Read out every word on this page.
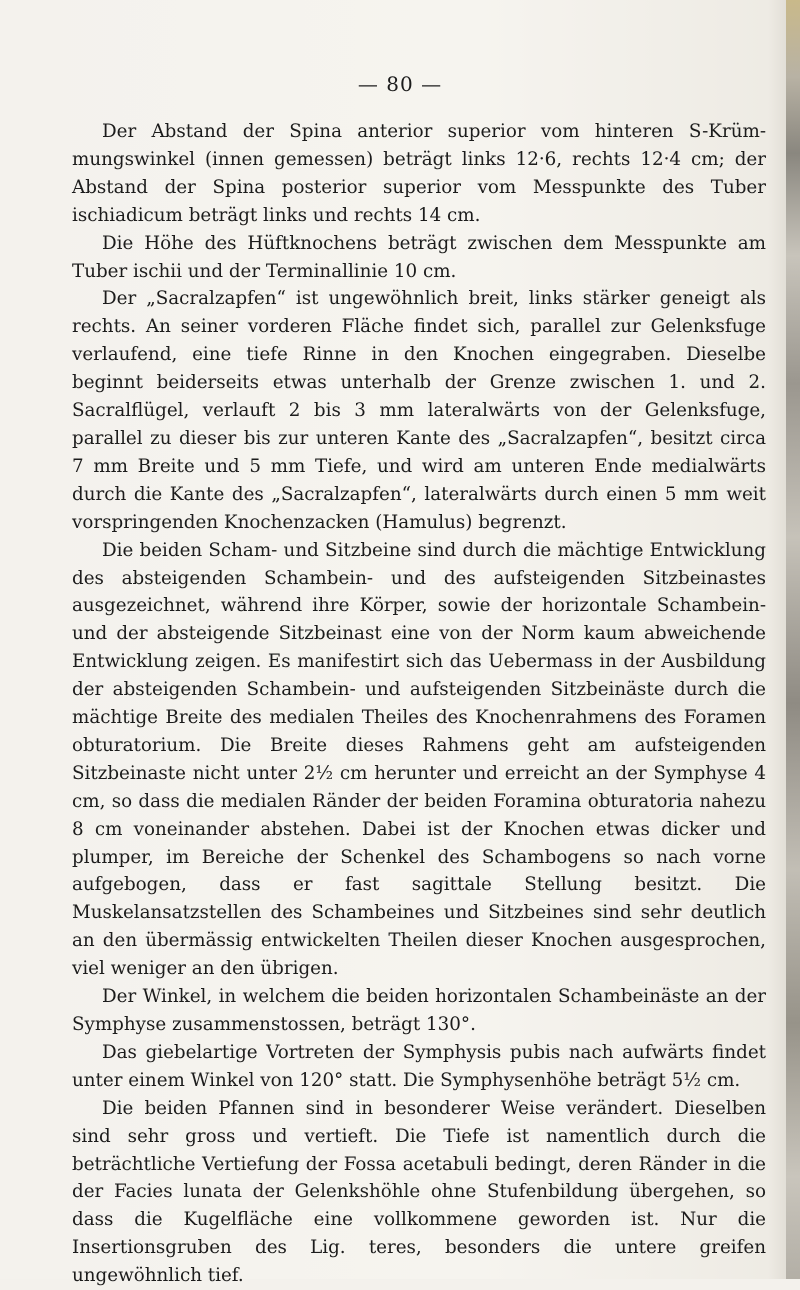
— 80 —

Der Abstand der Spina anterior superior vom hinteren S-Krümmungswinkel (innen gemessen) beträgt links 12·6, rechts 12·4 cm; der Abstand der Spina posterior superior vom Messpunkte des Tuber ischiadicum beträgt links und rechts 14 cm.

Die Höhe des Hüftknochens beträgt zwischen dem Messpunkte am Tuber ischii und der Terminallinie 10 cm.

Der „Sacralzapfen“ ist ungewöhnlich breit, links stärker geneigt als rechts. An seiner vorderen Fläche findet sich, parallel zur Gelenksfuge verlaufend, eine tiefe Rinne in den Knochen eingegraben. Dieselbe beginnt beiderseits etwas unterhalb der Grenze zwischen 1. und 2. Sacralflügel, verlauft 2 bis 3 mm lateralwärts von der Gelenksfuge, parallel zu dieser bis zur unteren Kante des „Sacralzapfen“, besitzt circa 7 mm Breite und 5 mm Tiefe, und wird am unteren Ende medialwärts durch die Kante des „Sacralzapfen“, lateralwärts durch einen 5 mm weit vorspringenden Knochenzacken (Hamulus) begrenzt.

Die beiden Scham- und Sitzbeine sind durch die mächtige Entwicklung des absteigenden Schambein- und des aufsteigenden Sitzbeinastes ausgezeichnet, während ihre Körper, sowie der horizontale Schambein- und der absteigende Sitzbeinast eine von der Norm kaum abweichende Entwicklung zeigen. Es manifestirt sich das Uebermass in der Ausbildung der absteigenden Schambein- und aufsteigenden Sitzbeinäste durch die mächtige Breite des medialen Theiles des Knochenrahmens des Foramen obturatorium. Die Breite dieses Rahmens geht am aufsteigenden Sitzbeinaste nicht unter 2½ cm herunter und erreicht an der Symphyse 4 cm, so dass die medialen Ränder der beiden Foramina obturatoria nahezu 8 cm voneinander abstehen. Dabei ist der Knochen etwas dicker und plumper, im Bereiche der Schenkel des Schambogens so nach vorne aufgebogen, dass er fast sagittale Stellung besitzt. Die Muskelansatzstellen des Schambeines und Sitzbeines sind sehr deutlich an den übermässig entwickelten Theilen dieser Knochen ausgesprochen, viel weniger an den übrigen.

Der Winkel, in welchem die beiden horizontalen Schambeinäste an der Symphyse zusammenstossen, beträgt 130°.

Das giebelartige Vortreten der Symphysis pubis nach aufwärts findet unter einem Winkel von 120° statt. Die Symphysenhöhe beträgt 5½ cm.

Die beiden Pfannen sind in besonderer Weise verändert. Dieselben sind sehr gross und vertieft. Die Tiefe ist namentlich durch die beträchtliche Vertiefung der Fossa acetabuli bedingt, deren Ränder in die der Facies lunata der Gelenkshöhle ohne Stufenbildung übergehen, so dass die Kugelfläche eine vollkommene geworden ist. Nur die Insertionsgruben des Lig. teres, besonders die untere greifen ungewöhnlich tief.
